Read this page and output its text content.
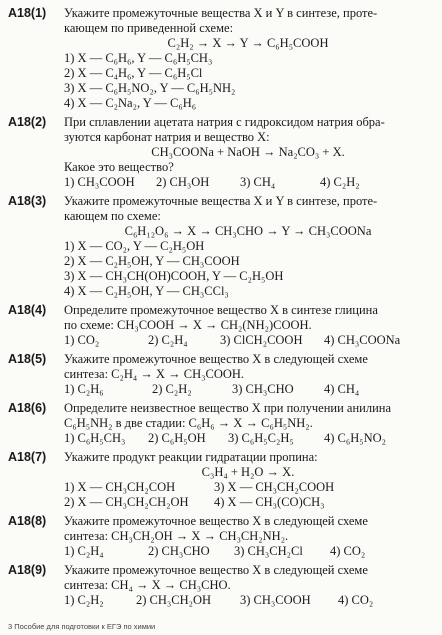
A18(1) Укажите промежуточные вещества X и Y в синтезе, проте-
кающем по приведенной схеме:
C₂H₂ → X → Y → C₆H₅COOH
1) X — C₆H₆, Y — C₆H₅CH₃
2) X — C₄H₆, Y — C₆H₅Cl
3) X — C₆H₅NO₂, Y — C₆H₅NH₂
4) X — C₂Na₂, Y — C₆H₆
A18(2) При сплавлении ацетата натрия с гидроксидом натрия обра-
зуются карбонат натрия и вещество X:
CH₃COONa + NaOH → Na₂CO₃ + X.
Какое это вещество?
1) CH₃COOH	2) CH₃OH	3) CH₄	4) C₂H₂
A18(3) Укажите промежуточные вещества X и Y в синтезе, проте-
кающем по схеме:
C₆H₁₂O₆ → X → CH₃CHO → Y → CH₃COONa
1) X — CO₂, Y — C₂H₅OH
2) X — C₂H₅OH, Y — CH₃COOH
3) X — CH₃CH(OH)COOH, Y — C₂H₅OH
4) X — C₂H₅OH, Y — CH₃CCl₃
A18(4) Определите промежуточное вещество X в синтезе глицина
по схеме: CH₃COOH → X → CH₂(NH₂)COOH.
1) CO₂	2) C₂H₄	3) ClCH₂COOH	4) CH₃COONa
A18(5) Укажите промежуточное вещество X в следующей схеме
синтеза: C₂H₄ → X → CH₃COOH.
1) C₂H₆	2) C₂H₂	3) CH₃CHO	4) CH₄
A18(6) Определите неизвестное вещество X при получении анилина
C₆H₅NH₂ в две стадии: C₆H₆ → X → C₆H₅NH₂.
1) C₆H₅CH₃	2) C₆H₅OH	3) C₆H₅C₂H₅	4) C₆H₅NO₂
A18(7) Укажите продукт реакции гидратации пропина:
C₃H₄ + H₂O → X.
1) X — CH₃CH₂COH	3) X — CH₃CH₂COOH
2) X — CH₃CH₂CH₂OH	4) X — CH₃(CO)CH₃
A18(8) Укажите промежуточное вещество X в следующей схеме
синтеза: CH₃CH₂OH → X → CH₃CH₂NH₂.
1) C₂H₄	2) CH₃CHO	3) CH₃CH₂Cl	4) CO₂
A18(9) Укажите промежуточное вещество X в следующей схеме
синтеза: CH₄ → X → CH₃CHO.
1) C₂H₂	2) CH₃CH₂OH	3) CH₃COOH	4) CO₂
3 Пособие для подготовки к ЕГЭ по химии
